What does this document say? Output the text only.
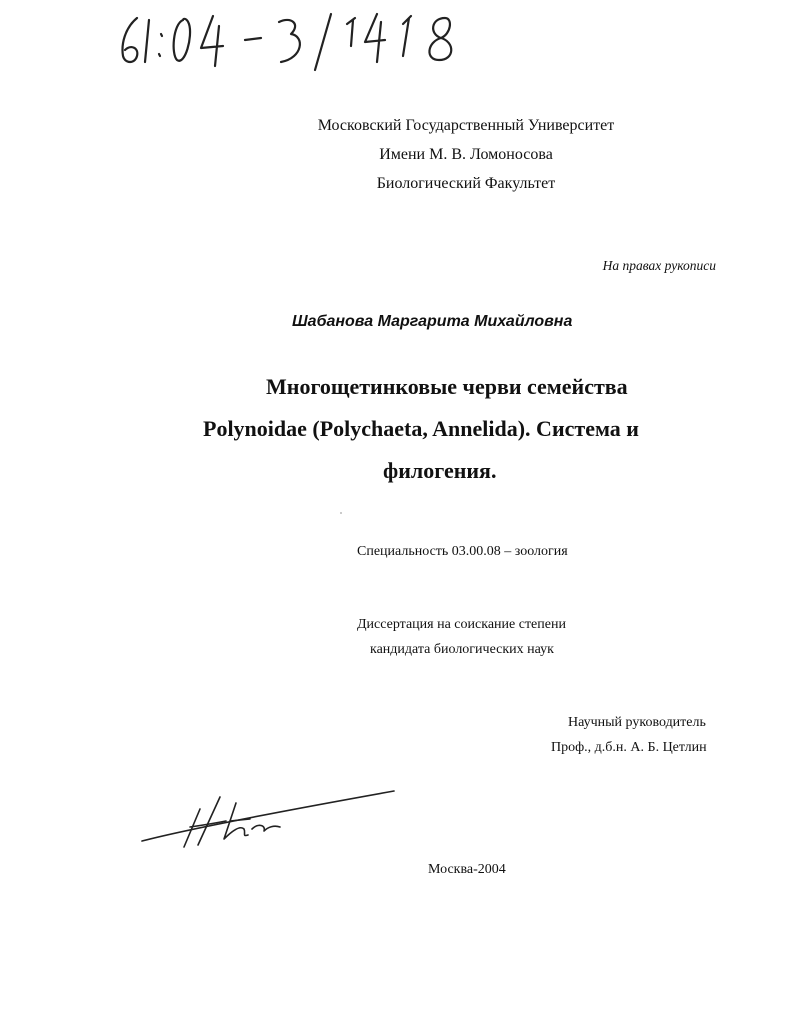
Московский Государственный Университет
Имени М. В. Ломоносова
Биологический Факультет
На правах рукописи
Шабанова Маргарита Михайловна
Многощетинковые черви семейства
Polynoidae (Polychaeta, Annelida). Система и
филогения.
Специальность 03.00.08 – зоология
Диссертация на соискание степени
кандидата биологических наук
Научный руководитель
Проф., д.б.н. А. Б. Цетлин
Москва-2004
